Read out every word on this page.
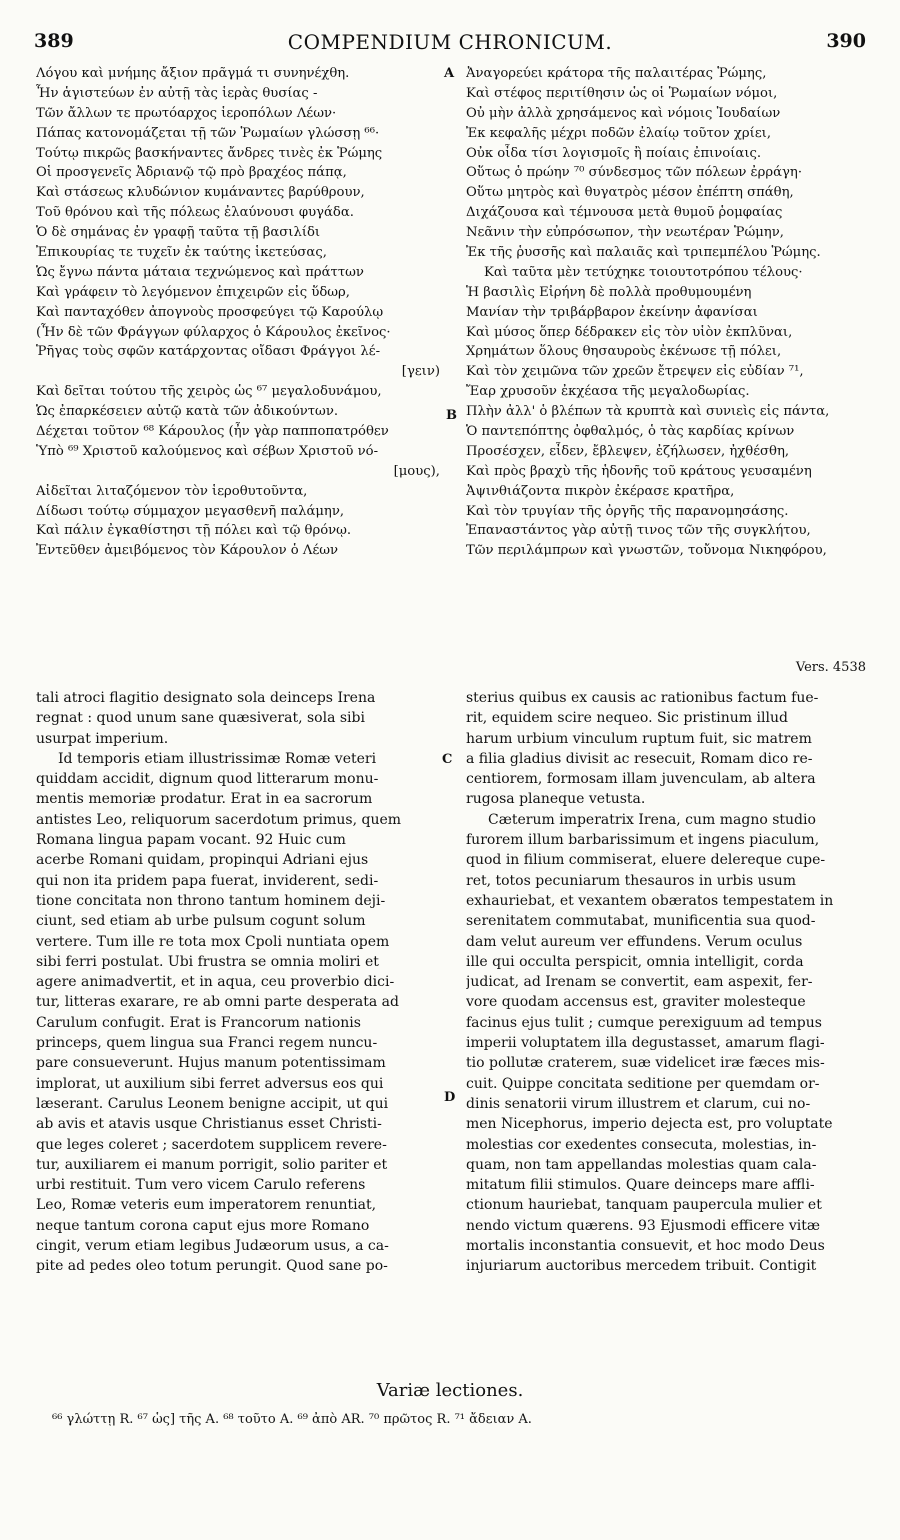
389	COMPENDIUM CHRONICUM.	390
A
B
C
D
Λόγου καὶ μνήμης ἄξιον πρᾶγμά τι συνηνέχθη.
Ἦν ἁγιστεύων ἐν αὐτῇ τὰς ἱερὰς θυσίας -
Τῶν ἄλλων τε πρωτόαρχος ἱεροπόλων Λέων·
Πάπας κατονομάζεται τῇ τῶν Ῥωμαίων γλώσσῃ ⁶⁶·
Τούτῳ πικρῶς βασκήναντες ἄνδρες τινὲς ἐκ Ῥώμης
Οἱ προσγενεῖς Ἀδριανῷ τῷ πρὸ βραχέος πάπᾳ,
Καὶ στάσεως κλυδώνιον κυμάναντες βαρύθρουν,
Τοῦ θρόνου καὶ τῆς πόλεως ἐλαύνουσι φυγάδα.
Ὁ δὲ σημάνας ἐν γραφῇ ταῦτα τῇ βασιλίδι
Ἐπικουρίας τε τυχεῖν ἐκ ταύτης ἱκετεύσας,
Ὡς ἔγνω πάντα μάταια τεχνώμενος καὶ πράττων
Καὶ γράφειν τὸ λεγόμενον ἐπιχειρῶν εἰς ὕδωρ,
Καὶ πανταχόθεν ἀπογνοὺς προσφεύγει τῷ Καρούλῳ
(Ἦν δὲ τῶν Φράγγων φύλαρχος ὁ Κάρουλος ἐκεῖνος·
Ῥῆγας τοὺς σφῶν κατάρχοντας οἴδασι Φράγγοι λέ-
[γειν)
Καὶ δεῖται τούτου τῆς χειρὸς ὡς ⁶⁷ μεγαλοδυνάμου,
Ὡς ἐπαρκέσειεν αὐτῷ κατὰ τῶν ἀδικούντων.
Δέχεται τοῦτον ⁶⁸ Κάρουλος (ἦν γὰρ παπποπατρόθεν
Ὑπὸ ⁶⁹ Χριστοῦ καλούμενος καὶ σέβων Χριστοῦ νό-
[μους),
Αἰδεῖται λιταζόμενον τὸν ἱεροθυτοῦντα,
Δίδωσι τούτῳ σύμμαχον μεγασθενῆ παλάμην,
Καὶ πάλιν ἐγκαθίστησι τῇ πόλει καὶ τῷ θρόνῳ.
Ἐντεῦθεν ἀμειβόμενος τὸν Κάρουλον ὁ Λέων
Ἀναγορεύει κράτορα τῆς παλαιτέρας Ῥώμης,
Καὶ στέφος περιτίθησιν ὡς οἱ Ῥωμαίων νόμοι,
Οὐ μὴν ἀλλὰ χρησάμενος καὶ νόμοις Ἰουδαίων
Ἐκ κεφαλῆς μέχρι ποδῶν ἐλαίῳ τοῦτον χρίει,
Οὐκ οἶδα τίσι λογισμοῖς ἢ ποίαις ἐπινοίαις.
Οὕτως ὁ πρώην ⁷⁰ σύνδεσμος τῶν πόλεων ἐρράγη·
Οὕτω μητρὸς καὶ θυγατρὸς μέσον ἐπέπτη σπάθη,
Διχάζουσα καὶ τέμνουσα μετὰ θυμοῦ ῥομφαίας
Νεᾶνιν τὴν εὐπρόσωπον, τὴν νεωτέραν Ῥώμην,
Ἐκ τῆς ῥυσσῆς καὶ παλαιᾶς καὶ τριπεμπέλου Ῥώμης.
Καὶ ταῦτα μὲν τετύχηκε τοιουτοτρόπου τέλους·
Ἡ βασιλὶς Εἰρήνη δὲ πολλὰ προθυμουμένη
Μανίαν τὴν τριβάρβαρον ἐκείνην ἀφανίσαι
Καὶ μύσος ὅπερ δέδρακεν εἰς τὸν υἱὸν ἐκπλῦναι,
Χρημάτων ὅλους θησαυροὺς ἐκένωσε τῇ πόλει,
Καὶ τὸν χειμῶνα τῶν χρεῶν ἔτρεψεν εἰς εὐδίαν ⁷¹,
Ἔαρ χρυσοῦν ἐκχέασα τῆς μεγαλοδωρίας.
Πλὴν ἀλλ' ὁ βλέπων τὰ κρυπτὰ καὶ συνιεὶς εἰς πάντα,
Ὁ παντεπόπτης ὀφθαλμός, ὁ τὰς καρδίας κρίνων
Προσέσχεν, εἶδεν, ἔβλεψεν, ἐζήλωσεν, ἠχθέσθη,
Καὶ πρὸς βραχὺ τῆς ἡδονῆς τοῦ κράτους γευσαμένη
Ἀψινθιάζοντα πικρὸν ἐκέρασε κρατῆρα,
Καὶ τὸν τρυγίαν τῆς ὀργῆς τῆς παρανομησάσης.
Ἐπαναστάντος γὰρ αὐτῇ τινος τῶν τῆς συγκλήτου,
Τῶν περιλάμπρων καὶ γνωστῶν, τοὔνομα Νικηφόρου,
Vers. 4538
tali atroci flagitio designato sola deinceps Irena
regnat : quod unum sane quæsiverat, sola sibi
usurpat imperium.
Id temporis etiam illustrissimæ Romæ veteri
quiddam accidit, dignum quod litterarum monu-
mentis memoriæ prodatur. Erat in ea sacrorum
antistes Leo, reliquorum sacerdotum primus, quem
Romana lingua papam vocant. 92 Huic cum
acerbe Romani quidam, propinqui Adriani ejus
qui non ita pridem papa fuerat, inviderent, sedi-
tione concitata non throno tantum hominem deji-
ciunt, sed etiam ab urbe pulsum cogunt solum
vertere. Tum ille re tota mox Cpoli nuntiata opem
sibi ferri postulat. Ubi frustra se omnia moliri et
agere animadvertit, et in aqua, ceu proverbio dici-
tur, litteras exarare, re ab omni parte desperata ad
Carulum confugit. Erat is Francorum nationis
princeps, quem lingua sua Franci regem nuncu-
pare consueverunt. Hujus manum potentissimam
implorat, ut auxilium sibi ferret adversus eos qui
læserant. Carulus Leonem benigne accipit, ut qui
ab avis et atavis usque Christianus esset Christi-
que leges coleret ; sacerdotem supplicem revere-
tur, auxiliarem ei manum porrigit, solio pariter et
urbi restituit. Tum vero vicem Carulo referens
Leo, Romæ veteris eum imperatorem renuntiat,
neque tantum corona caput ejus more Romano
cingit, verum etiam legibus Judæorum usus, a ca-
pite ad pedes oleo totum perungit. Quod sane po-
sterius quibus ex causis ac rationibus factum fue-
rit, equidem scire nequeo. Sic pristinum illud
harum urbium vinculum ruptum fuit, sic matrem
a filia gladius divisit ac resecuit, Romam dico re-
centiorem, formosam illam juvenculam, ab altera
rugosa planeque vetusta.
Cæterum imperatrix Irena, cum magno studio
furorem illum barbarissimum et ingens piaculum,
quod in filium commiserat, eluere delereque cupe-
ret, totos pecuniarum thesauros in urbis usum
exhauriebat, et vexantem obæratos tempestatem in
serenitatem commutabat, munificentia sua quod-
dam velut aureum ver effundens. Verum oculus
ille qui occulta perspicit, omnia intelligit, corda
judicat, ad Irenam se convertit, eam aspexit, fer-
vore quodam accensus est, graviter molesteque
facinus ejus tulit ; cumque perexiguum ad tempus
imperii voluptatem illa degustasset, amarum flagi-
tio pollutæ craterem, suæ videlicet iræ fæces mis-
cuit. Quippe concitata seditione per quemdam or-
dinis senatorii virum illustrem et clarum, cui no-
men Nicephorus, imperio dejecta est, pro voluptate
molestias cor exedentes consecuta, molestias, in-
quam, non tam appellandas molestias quam cala-
mitatum filii stimulos. Quare deinceps mare affli-
ctionum hauriebat, tanquam paupercula mulier et
nendo victum quærens. 93 Ejusmodi efficere vitæ
mortalis inconstantia consuevit, et hoc modo Deus
injuriarum auctoribus mercedem tribuit. Contigit
Variæ lectiones.
⁶⁶ γλώττῃ R. ⁶⁷ ὡς] τῆς A. ⁶⁸ τοῦτο A. ⁶⁹ ἀπὸ AR. ⁷⁰ πρῶτος R. ⁷¹ ἄδειαν A.
